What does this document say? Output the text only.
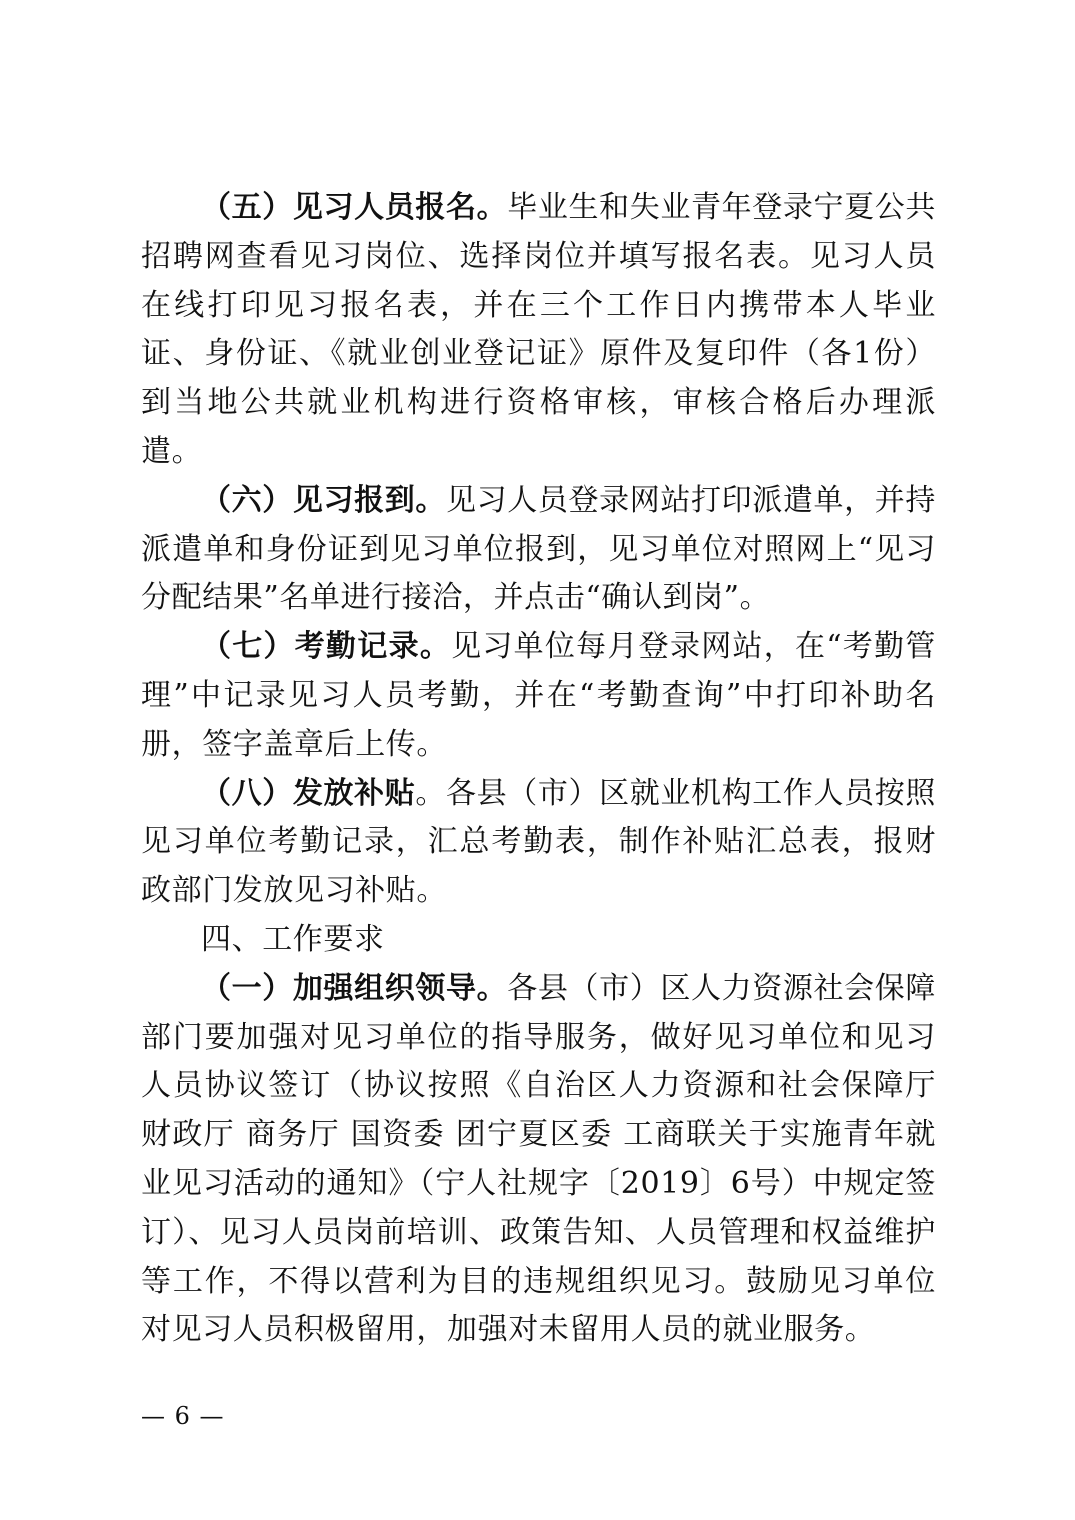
（五）见习人员报名。毕业生和失业青年登录宁夏公共招聘网查看见习岗位、选择岗位并填写报名表。见习人员在线打印见习报名表，并在三个工作日内携带本人毕业证、身份证、《就业创业登记证》原件及复印件（各1份）到当地公共就业机构进行资格审核，审核合格后办理派遣。

（六）见习报到。见习人员登录网站打印派遣单，并持派遣单和身份证到见习单位报到，见习单位对照网上“见习分配结果”名单进行接洽，并点击“确认到岗”。

（七）考勤记录。见习单位每月登录网站，在“考勤管理”中记录见习人员考勤，并在“考勤查询”中打印补助名册，签字盖章后上传。

（八）发放补贴。各县（市）区就业机构工作人员按照见习单位考勤记录，汇总考勤表，制作补贴汇总表，报财政部门发放见习补贴。

四、工作要求

（一）加强组织领导。各县（市）区人力资源社会保障部门要加强对见习单位的指导服务，做好见习单位和见习人员协议签订（协议按照《自治区人力资源和社会保障厅 财政厅 商务厅 国资委 团宁夏区委 工商联关于实施青年就业见习活动的通知》（宁人社规字〔2019〕6号）中规定签订）、见习人员岗前培训、政策告知、人员管理和权益维护等工作，不得以营利为目的违规组织见习。鼓励见习单位对见习人员积极留用，加强对未留用人员的就业服务。

— 6 —
